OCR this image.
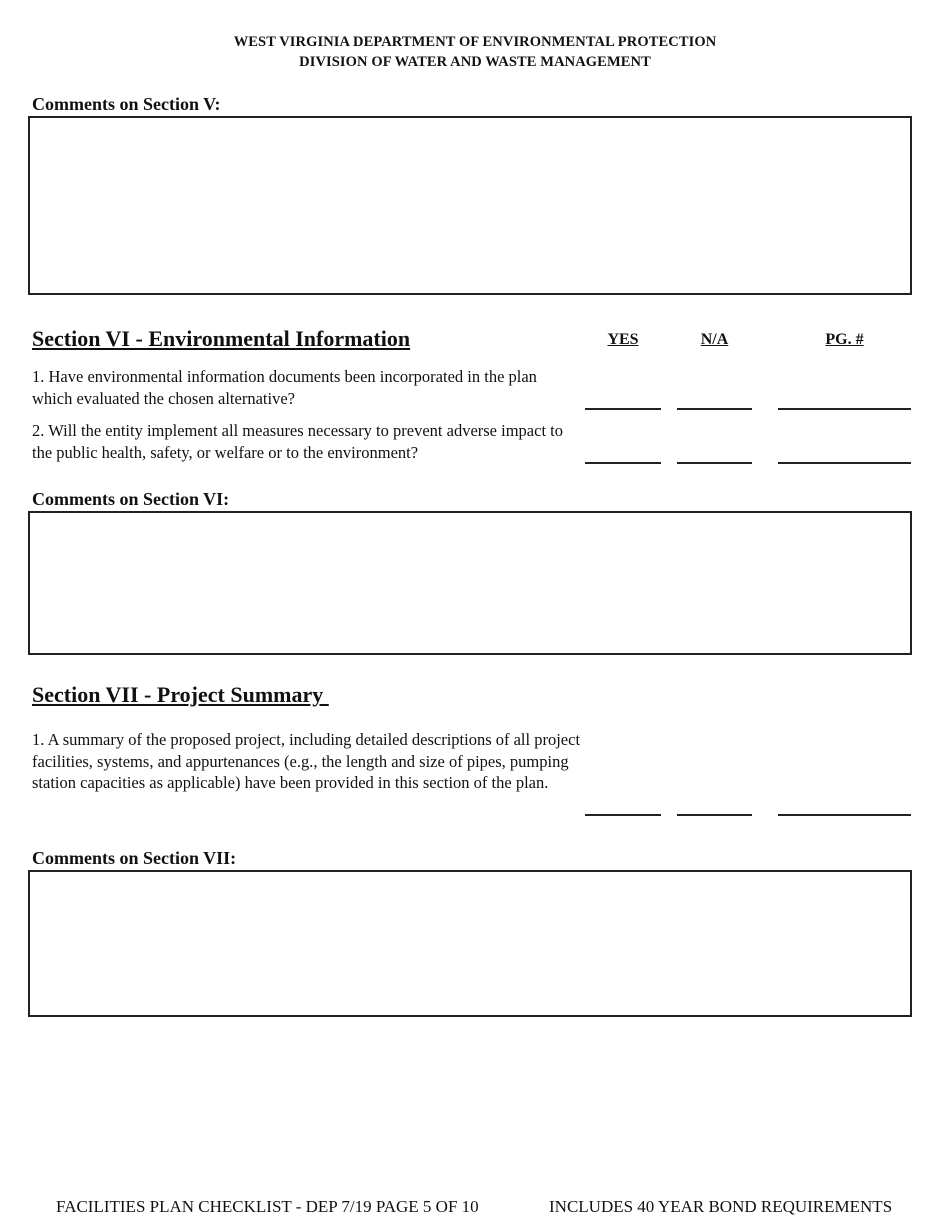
WEST VIRGINIA DEPARTMENT OF ENVIRONMENTAL PROTECTION
DIVISION OF WATER AND WASTE MANAGEMENT
Comments on Section V:
Section VI - Environmental Information	YES	N/A	PG. #
1. Have environmental information documents been incorporated in the plan which evaluated the chosen alternative?
2. Will the entity implement all measures necessary to prevent adverse impact to the public health, safety, or welfare or to the environment?
Comments on Section VI:
Section VII - Project Summary
1. A summary of the proposed project, including detailed descriptions of all project facilities, systems, and appurtenances (e.g., the length and size of pipes, pumping station capacities as applicable) have been provided in this section of the plan.
Comments on Section VII:
FACILITIES PLAN CHECKLIST - DEP 7/19 PAGE 5 OF 10	INCLUDES 40 YEAR BOND REQUIREMENTS
